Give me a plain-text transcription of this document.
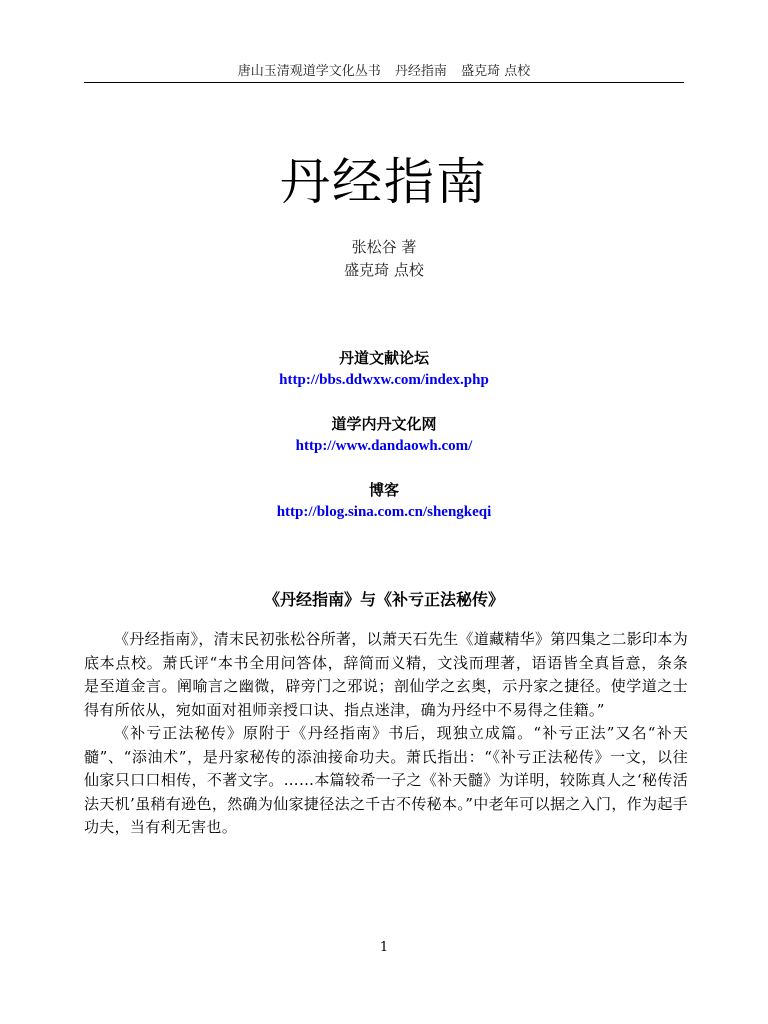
唐山玉清观道学文化丛书 丹经指南 盛克琦 点校
丹经指南
张松谷 著
盛克琦 点校
丹道文献论坛
http://bbs.ddwxw.com/index.php
道学内丹文化网
http://www.dandaowh.com/
博客
http://blog.sina.com.cn/shengkeqi
《丹经指南》与《补亏正法秘传》

《丹经指南》，清末民初张松谷所著，以萧天石先生《道藏精华》第四集之二影印本为底本点校。萧氏评“本书全用问答体，辞简而义精，文浅而理著，语语皆全真旨意，条条是至道金言。阐喻言之幽微，辟旁门之邪说；剖仙学之玄奥，示丹家之捷径。使学道之士得有所依从，宛如面对祖师亲授口诀、指点迷津，确为丹经中不易得之佳籍。”

《补亏正法秘传》原附于《丹经指南》书后，现独立成篇。“补亏正法”又名“补天髓”、“添油术”，是丹家秘传的添油接命功夫。萧氏指出：“《补亏正法秘传》一文，以往仙家只口口相传，不著文字。……本篇较希一子之《补天髓》为详明，较陈真人之‘秘传活法天机’虽稍有逊色，然确为仙家捷径法之千古不传秘本。”中老年可以据之入门，作为起手功夫，当有利无害也。

1
